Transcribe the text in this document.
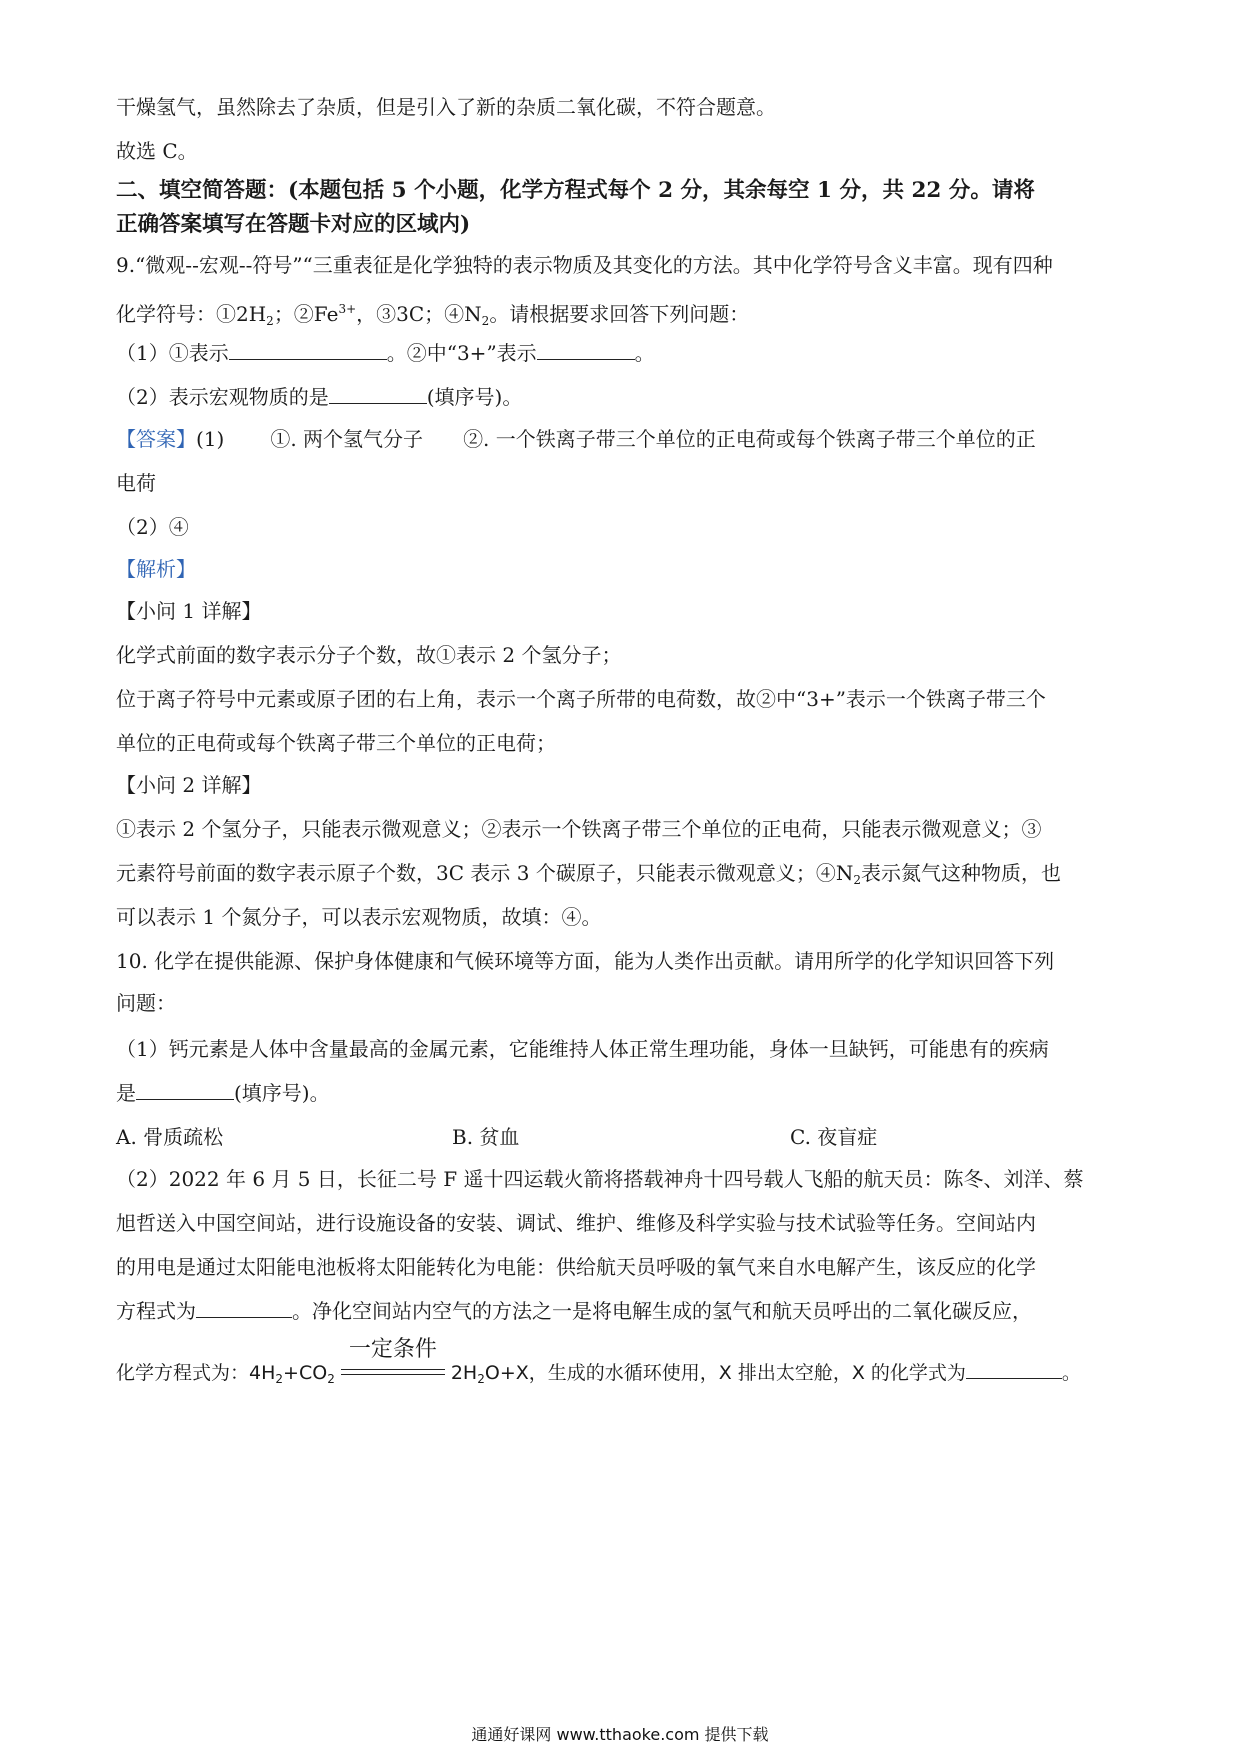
干燥氢气，虽然除去了杂质，但是引入了新的杂质二氧化碳，不符合题意。
故选 C。
二、填空简答题：(本题包括 5 个小题，化学方程式每个 2 分，其余每空 1 分，共 22 分。请将
正确答案填写在答题卡对应的区域内)
9.“微观--宏观--符号”“三重表征是化学独特的表示物质及其变化的方法。其中化学符号含义丰富。现有四种
化学符号：$①2H_2$；$②Fe^{3+}$，③3C；$④N_2$。请根据要求回答下列问题：
（1）①表示	。②中“3+”表示	。
（2）表示宏观物质的是	(填序号)。
【答案】(1) ①. 两个氢气分子 ②. 一个铁离子带三个单位的正电荷或每个铁离子带三个单位的正
电荷
（2）④
【解析】
【小问 1 详解】
化学式前面的数字表示分子个数，故①表示 2 个氢分子；
位于离子符号中元素或原子团的右上角，表示一个离子所带的电荷数，故②中“3+”表示一个铁离子带三个
单位的正电荷或每个铁离子带三个单位的正电荷；
【小问 2 详解】
①表示 2 个氢分子，只能表示微观意义；②表示一个铁离子带三个单位的正电荷，只能表示微观意义；③
元素符号前面的数字表示原子个数，3C 表示 3 个碳原子，只能表示微观意义；$④N_2$表示氮气这种物质，也
可以表示 1 个氮分子，可以表示宏观物质，故填：④。
10. 化学在提供能源、保护身体健康和气候环境等方面，能为人类作出贡献。请用所学的化学知识回答下列
问题：
（1）钙元素是人体中含量最高的金属元素，它能维持人体正常生理功能，身体一旦缺钙，可能患有的疾病
是	(填序号)。
A. 骨质疏松	B. 贫血	C. 夜盲症
（2）2022 年 6 月 5 日，长征二号 F 遥十四运载火箭将搭载神舟十四号载人飞船的航天员：陈冬、刘洋、蔡
旭哲送入中国空间站，进行设施设备的安装、调试、维护、维修及科学实验与技术试验等任务。空间站内
的用电是通过太阳能电池板将太阳能转化为电能：供给航天员呼吸的氧气来自水电解产生，该反应的化学
方程式为	。净化空间站内空气的方法之一是将电解生成的氢气和航天员呼出的二氧化碳反应，
化学方程式为：$4H_2+CO_2$
一定条件
$2H_2O+X$，生成的水循环使用，X 排出太空舱，X 的化学式为	。
通通好课网 www.tthaoke.com 提供下载
